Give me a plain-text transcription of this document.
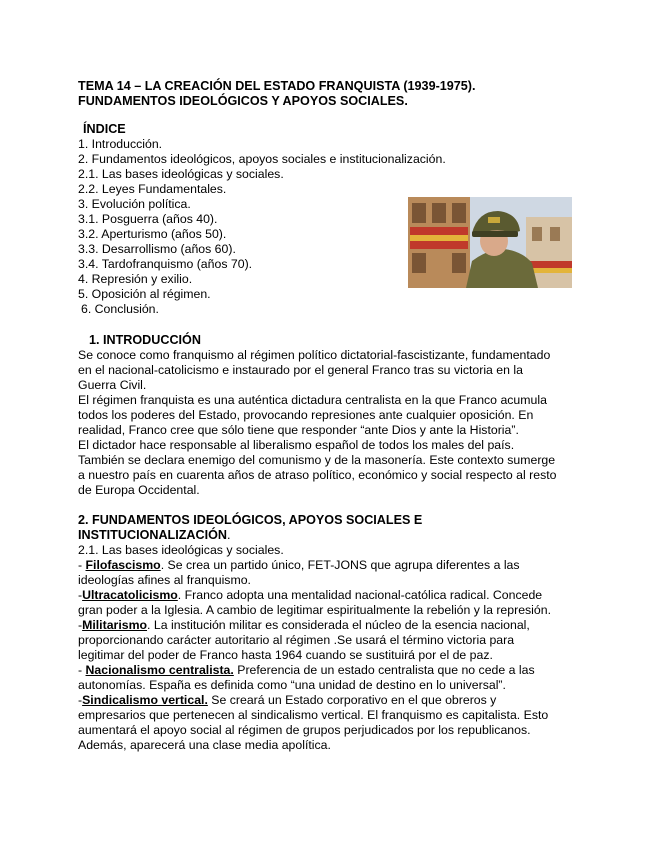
TEMA 14 – LA CREACIÓN DEL ESTADO FRANQUISTA (1939-1975).
FUNDAMENTOS IDEOLÓGICOS Y APOYOS SOCIALES.
ÍNDICE
1. Introducción.
2. Fundamentos ideológicos, apoyos sociales e institucionalización.
2.1. Las bases ideológicas y sociales.
2.2. Leyes Fundamentales.
3. Evolución política.
3.1. Posguerra (años 40).
3.2. Aperturismo (años 50).
3.3. Desarrollismo (años 60).
3.4. Tardofranquismo (años 70).
4. Represión y exilio.
5. Oposición al régimen.
6. Conclusión.
1. INTRODUCCIÓN
Se conoce como franquismo al régimen político dictatorial-fascistizante, fundamentado
en el nacional-catolicismo e instaurado por el general Franco tras su victoria en la
Guerra Civil.
El régimen franquista es una auténtica dictadura centralista en la que Franco acumula
todos los poderes del Estado, provocando represiones ante cualquier oposición. En
realidad, Franco cree que sólo tiene que responder “ante Dios y ante la Historia”.
El dictador hace responsable al liberalismo español de todos los males del país.
También se declara enemigo del comunismo y de la masonería. Este contexto sumerge
a nuestro país en cuarenta años de atraso político, económico y social respecto al resto
de Europa Occidental.
2. FUNDAMENTOS IDEOLÓGICOS, APOYOS SOCIALES E
INSTITUCIONALIZACIÓN.
2.1. Las bases ideológicas y sociales.
- Filofascismo. Se crea un partido único, FET-JONS que agrupa diferentes a las
ideologías afines al franquismo.
-Ultracatolicismo. Franco adopta una mentalidad nacional-católica radical. Concede
gran poder a la Iglesia. A cambio de legitimar espiritualmente la rebelión y la represión.
-Militarismo. La institución militar es considerada el núcleo de la esencia nacional,
proporcionando carácter autoritario al régimen .Se usará el término victoria para
legitimar del poder de Franco hasta 1964 cuando se sustituirá por el de paz.
- Nacionalismo centralista. Preferencia de un estado centralista que no cede a las
autonomías. España es definida como “una unidad de destino en lo universal”.
-Sindicalismo vertical. Se creará un Estado corporativo en el que obreros y
empresarios que pertenecen al sindicalismo vertical. El franquismo es capitalista. Esto
aumentará el apoyo social al régimen de grupos perjudicados por los republicanos.
Además, aparecerá una clase media apolítica.
